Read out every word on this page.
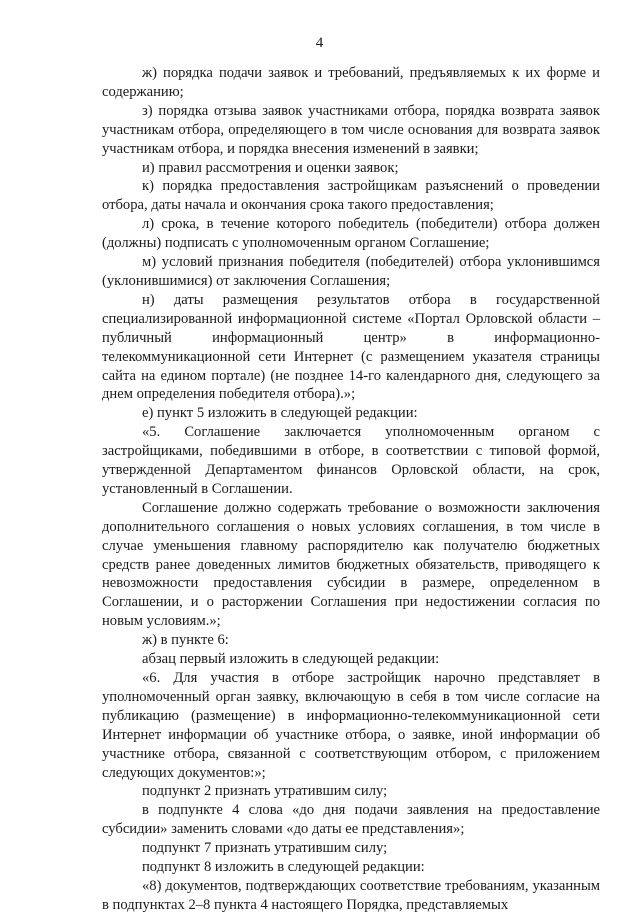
4

ж) порядка подачи заявок и требований, предъявляемых к их форме и содержанию;

з) порядка отзыва заявок участниками отбора, порядка возврата заявок участникам отбора, определяющего в том числе основания для возврата заявок участникам отбора, и порядка внесения изменений в заявки;

и) правил рассмотрения и оценки заявок;

к) порядка предоставления застройщикам разъяснений о проведении отбора, даты начала и окончания срока такого предоставления;

л) срока, в течение которого победитель (победители) отбора должен (должны) подписать с уполномоченным органом Соглашение;

м) условий признания победителя (победителей) отбора уклонившимся (уклонившимися) от заключения Соглашения;

н) даты размещения результатов отбора в государственной специализированной информационной системе «Портал Орловской области – публичный информационный центр» в информационно-телекоммуникационной сети Интернет (с размещением указателя страницы сайта на едином портале) (не позднее 14-го календарного дня, следующего за днем определения победителя отбора).»;

е) пункт 5 изложить в следующей редакции:

«5. Соглашение заключается уполномоченным органом с застройщиками, победившими в отборе, в соответствии с типовой формой, утвержденной Департаментом финансов Орловской области, на срок, установленный в Соглашении.

Соглашение должно содержать требование о возможности заключения дополнительного соглашения о новых условиях соглашения, в том числе в случае уменьшения главному распорядителю как получателю бюджетных средств ранее доведенных лимитов бюджетных обязательств, приводящего к невозможности предоставления субсидии в размере, определенном в Соглашении, и о расторжении Соглашения при недостижении согласия по новым условиям.»;

ж) в пункте 6:

абзац первый изложить в следующей редакции:

«6. Для участия в отборе застройщик нарочно представляет в уполномоченный орган заявку, включающую в себя в том числе согласие на публикацию (размещение) в информационно-телекоммуникационной сети Интернет информации об участнике отбора, о заявке, иной информации об участнике отбора, связанной с соответствующим отбором, с приложением следующих документов:»;

подпункт 2 признать утратившим силу;

в подпункте 4 слова «до дня подачи заявления на предоставление субсидии» заменить словами «до даты ее представления»;

подпункт 7 признать утратившим силу;

подпункт 8 изложить в следующей редакции:

«8) документов, подтверждающих соответствие требованиям, указанным в подпунктах 2–8 пункта 4 настоящего Порядка, представляемых
